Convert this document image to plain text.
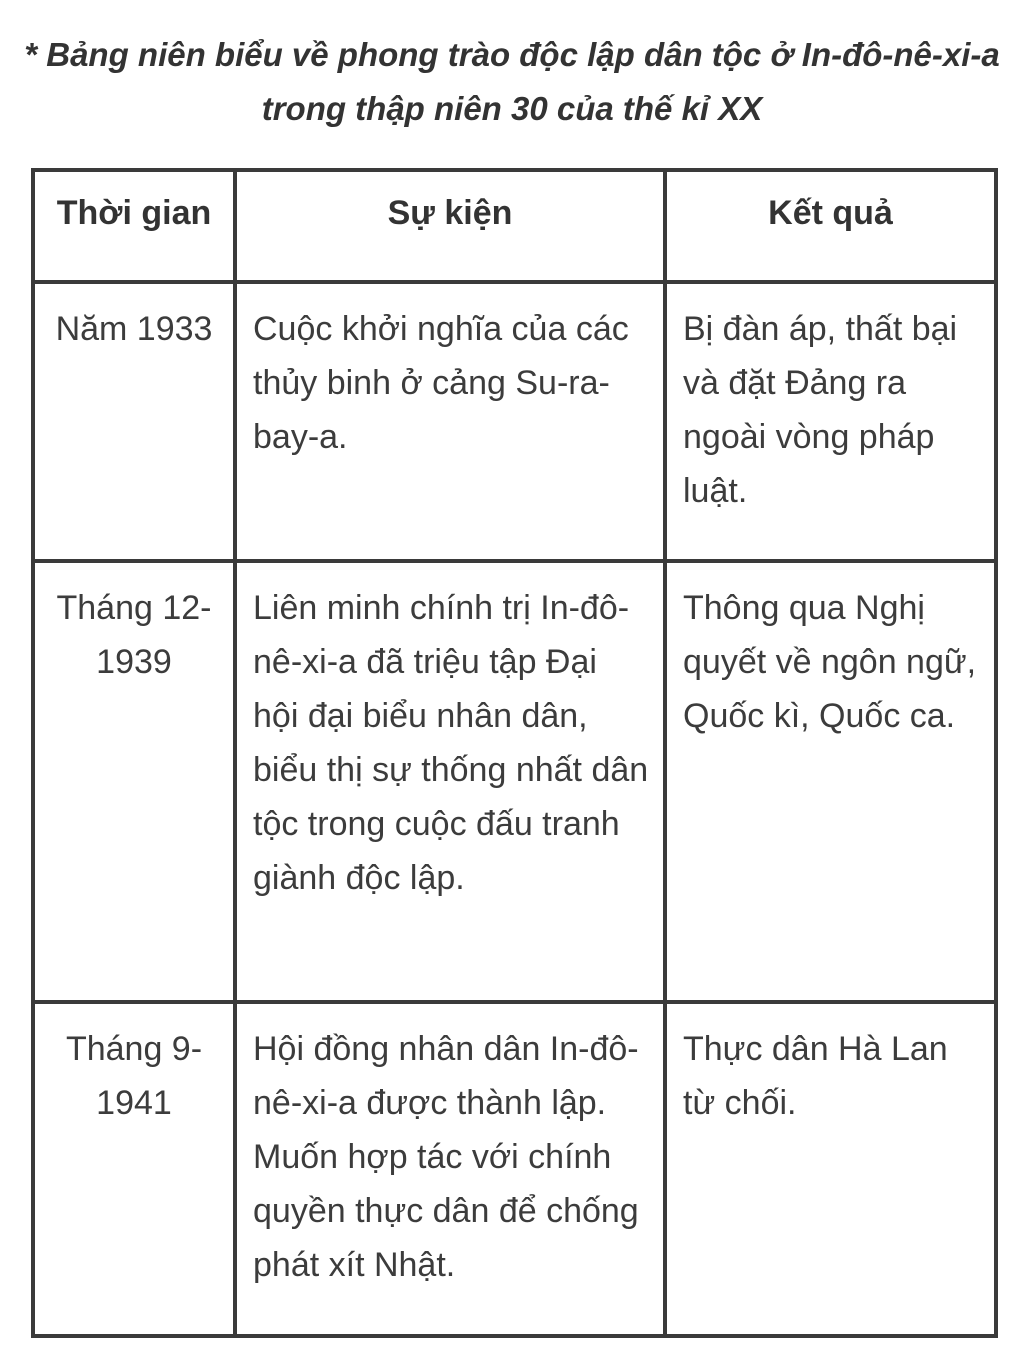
* Bảng niên biểu về phong trào độc lập dân tộc ở In-đô-nê-xi-a trong thập niên 30 của thế kỉ XX
Thời gian	Sự kiện	Kết quả
Năm 1933	Cuộc khởi nghĩa của các thủy binh ở cảng Su-ra-bay-a.	Bị đàn áp, thất bại và đặt Đảng ra ngoài vòng pháp luật.
Tháng 12-1939	Liên minh chính trị In-đô-nê-xi-a đã triệu tập Đại hội đại biểu nhân dân, biểu thị sự thống nhất dân tộc trong cuộc đấu tranh giành độc lập.	Thông qua Nghị quyết về ngôn ngữ, Quốc kì, Quốc ca.
Tháng 9-1941	Hội đồng nhân dân In-đô-nê-xi-a được thành lập. Muốn hợp tác với chính quyền thực dân để chống phát xít Nhật.	Thực dân Hà Lan từ chối.
